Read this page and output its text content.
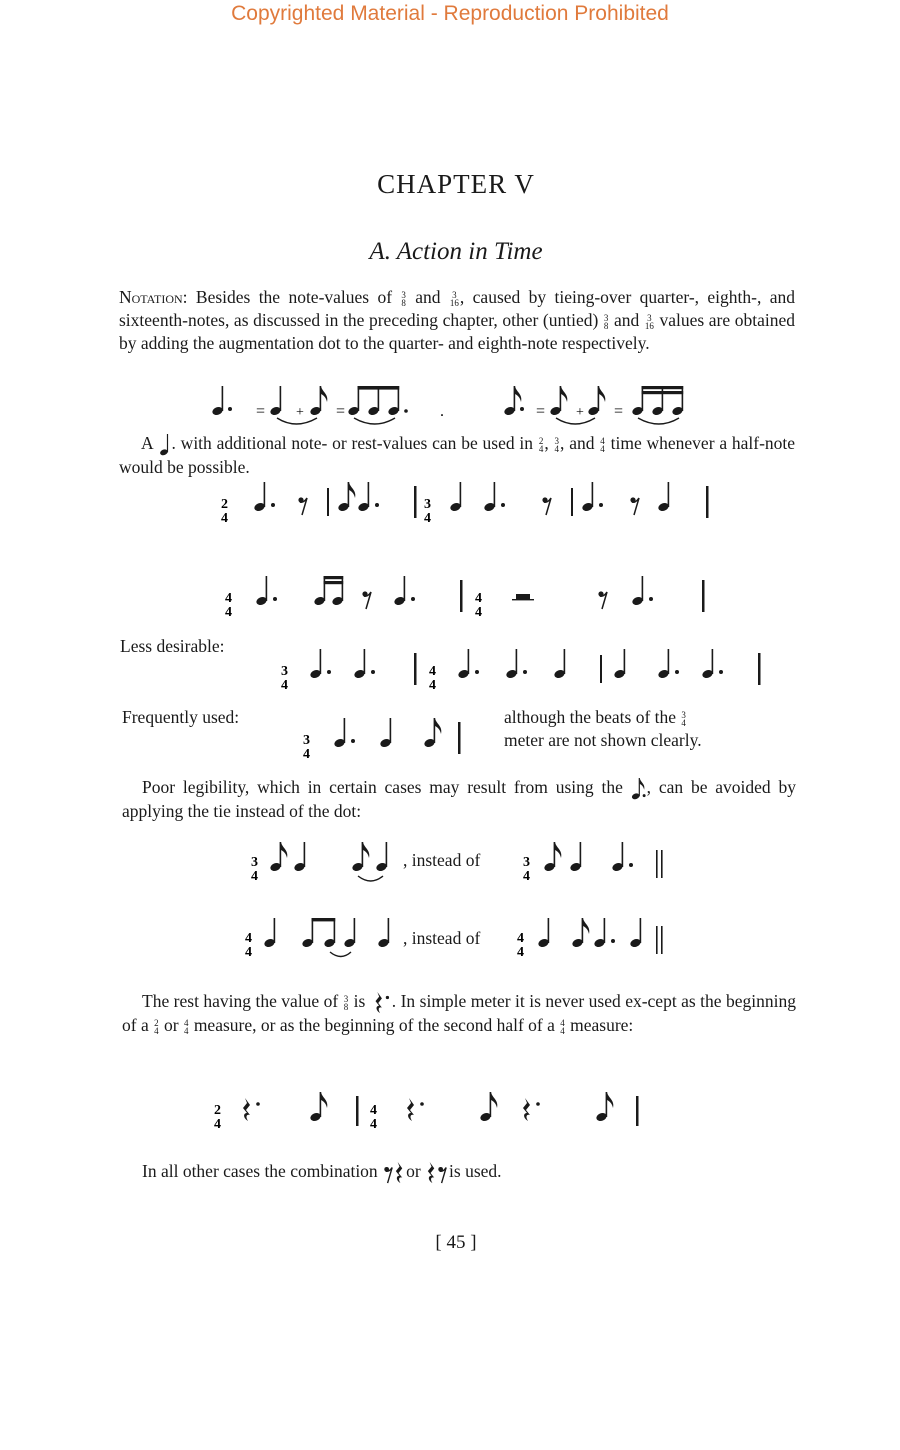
Copyrighted Material - Reproduction Prohibited
CHAPTER V
A. Action in Time

Notation: Besides the note-values of 3
8 and 3
16 , caused by tieing-over quarter-, eighth-, and sixteenth-notes, as discussed in the preceding chapter, other (untied) 3
8 and 3
16 values are obtained by adding the augmentation dot to the quarter- and eighth-note respectively.

= + =	.	= + =

A . with additional note- or rest-values can be used in 2
4 , 3
4 , and 4
4 time whenever a half-note would be possible.

2
4
3
4
4
4
4
4
Less desirable:
3
4
4
4
Frequently used:
3
4
although the beats of the 3
4

meter are not shown clearly.

Poor legibility, which in certain cases may result from using the , can be avoided by applying the tie instead of the dot:

3
4
, instead of	3
4
4
4
, instead of	4
4

The rest having the value of 3
8 is . In simple meter it is never used ex-cept as the beginning of a 2
4 or 4
4 measure, or as the beginning of the second half of a 4
4 measure:

2
4
4
4

In all other cases the combination or is used.

[ 45 ]
